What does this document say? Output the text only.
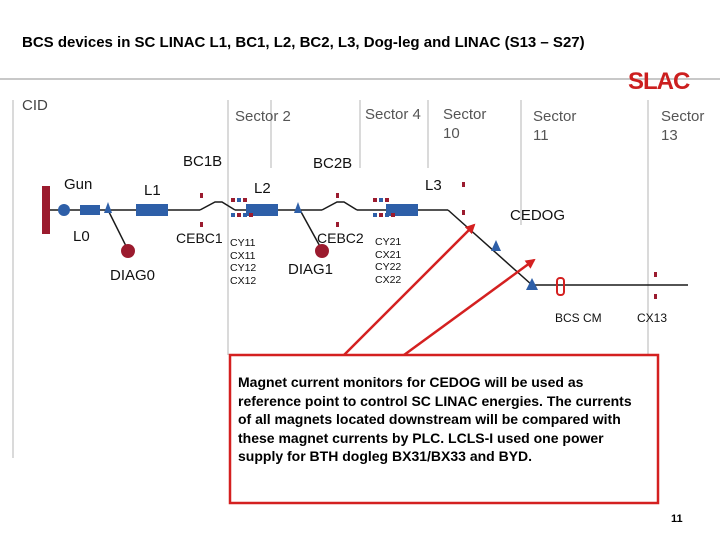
BCS devices in SC LINAC L1, BC1, L2, BC2, L3, Dog-leg and LINAC (S13 – S27)
SLAC
CID
Sector 2	Sector 4 Sector 10
Sector 11
Sector 13
Gun
L0
L1
BC1B
L2
BC2B
L3
CEDOG
CEBC1	CEBC2
DIAG0	DIAG1
BCS CM	CX13
CY11
CX11
CY12
CX12
CY21
CX21
CY22
CX22
Magnet current monitors for CEDOG will be used as reference point to control SC LINAC energies. The currents of all magnets located downstream will be compared with these magnet currents by PLC. LCLS-I used one power supply for BTH dogleg BX31/BX33 and BYD.
11
